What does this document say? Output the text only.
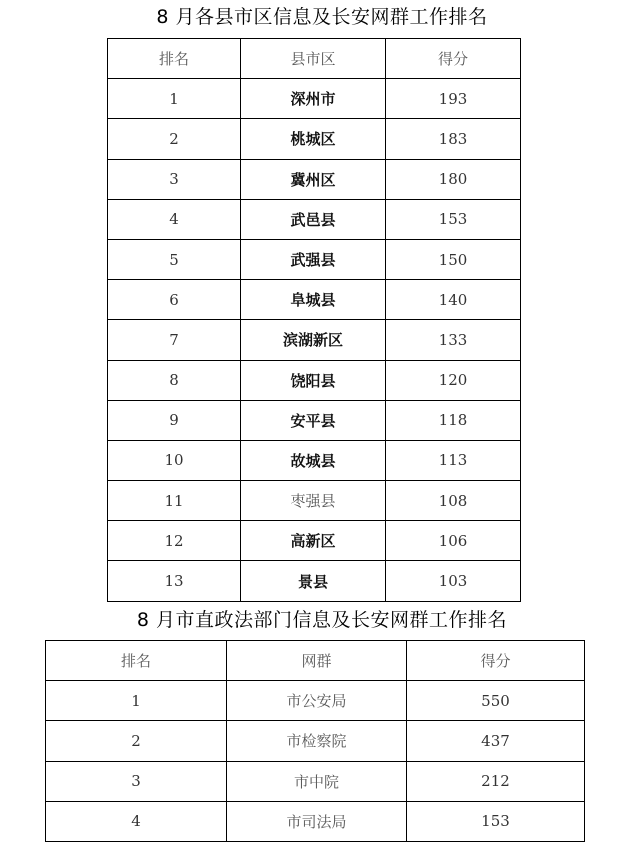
8 月各县市区信息及长安网群工作排名
排名	县市区	得分
1	深州市	193
2	桃城区	183
3	冀州区	180
4	武邑县	153
5	武强县	150
6	阜城县	140
7	滨湖新区	133
8	饶阳县	120
9	安平县	118
10	故城县	113
11	枣强县	108
12	高新区	106
13	景县	103
8 月市直政法部门信息及长安网群工作排名
排名	网群	得分
1	市公安局	550
2	市检察院	437
3	市中院	212
4	市司法局	153
